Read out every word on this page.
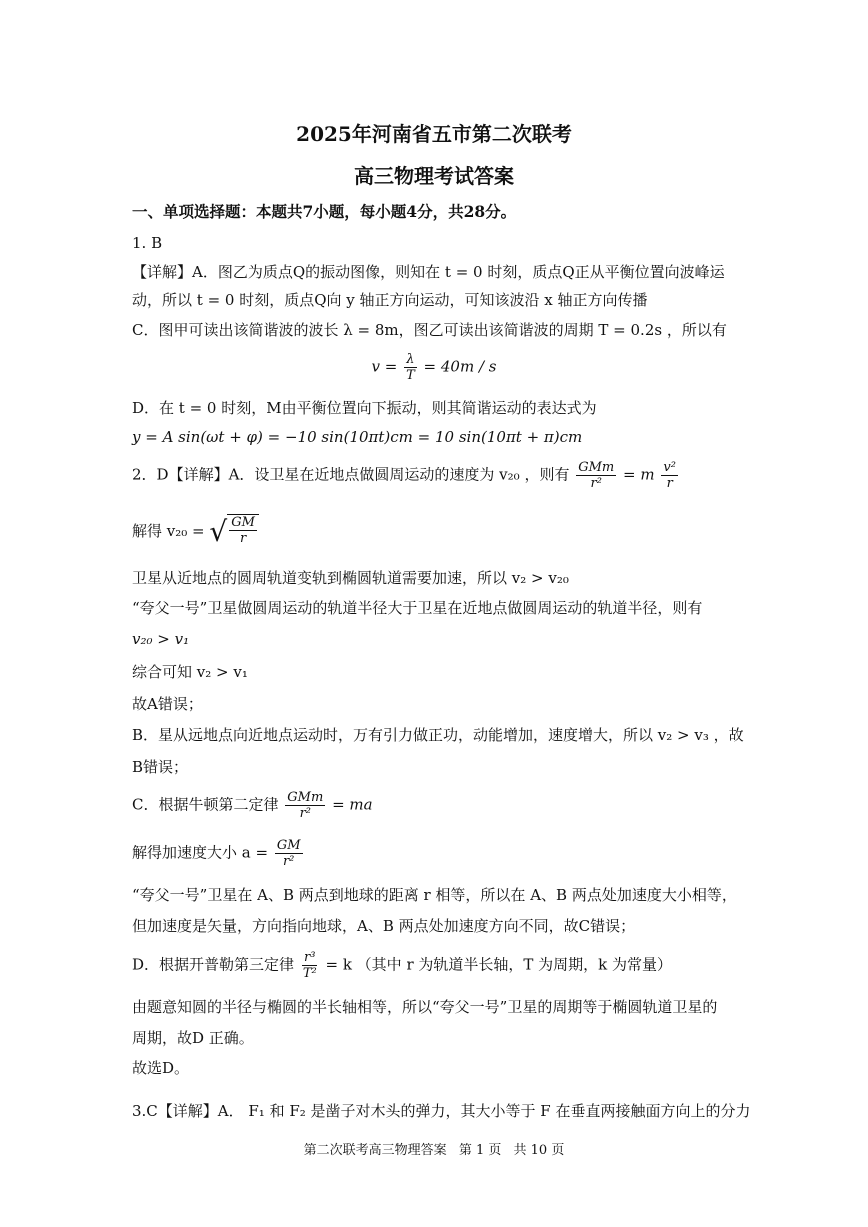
2025年河南省五市第二次联考
高三物理考试答案
一、单项选择题：本题共7小题，每小题4分，共28分。
1. B
【详解】A．图乙为质点Q的振动图像，则知在 t = 0 时刻，质点Q正从平衡位置向波峰运
动，所以 t = 0 时刻，质点Q向 y 轴正方向运动，可知该波沿 x 轴正方向传播
C．图甲可读出该简谐波的波长 λ = 8m，图乙可读出该简谐波的周期 T = 0.2s ，所以有
$v = \frac{\lambda}{T} = 40m / s$
D．在 t = 0 时刻，M由平衡位置向下振动，则其简谐运动的表达式为
y = A sin(ωt + φ) = −10 sin(10πt)cm = 10 sin(10πt + π)cm
2．D【详解】A．设卫星在近地点做圆周运动的速度为 v₂₀ ，则有 $\frac{\text{GMm}}{\text{r²}} = m \frac{\text{v²}}{r}$
解得 v₂₀ = √ $\frac{GM}{r}$
卫星从近地点的圆周轨道变轨到椭圆轨道需要加速，所以 v₂ > v₂₀
“夸父一号”卫星做圆周运动的轨道半径大于卫星在近地点做圆周运动的轨道半径，则有
v₂₀ > v₁
综合可知 v₂ > v₁
故A错误；
B．星从远地点向近地点运动时，万有引力做正功，动能增加，速度增大，所以 v₂ > v₃ ，故
B错误；
C．根据牛顿第二定律 $\frac{\text{GMm}}{\text{r²}}$ = ma
解得加速度大小 $a = \frac{GM}{\text{r²}}$
“夸父一号”卫星在 A、B 两点到地球的距离 r 相等，所以在 A、B 两点处加速度大小相等，
但加速度是矢量，方向指向地球，A、B 两点处加速度方向不同，故C错误；
D．根据开普勒第三定律 $\frac{\text{r³}}{\text{T²}} = k$ （其中 r 为轨道半长轴，T 为周期，k 为常量）
由题意知圆的半径与椭圆的半长轴相等，所以“夸父一号”卫星的周期等于椭圆轨道卫星的
周期，故D 正确。
故选D。
3.C【详解】A． F₁ 和 F₂ 是凿子对木头的弹力，其大小等于 F 在垂直两接触面方向上的分力
第二次联考高三物理答案 第 1 页 共 10 页
